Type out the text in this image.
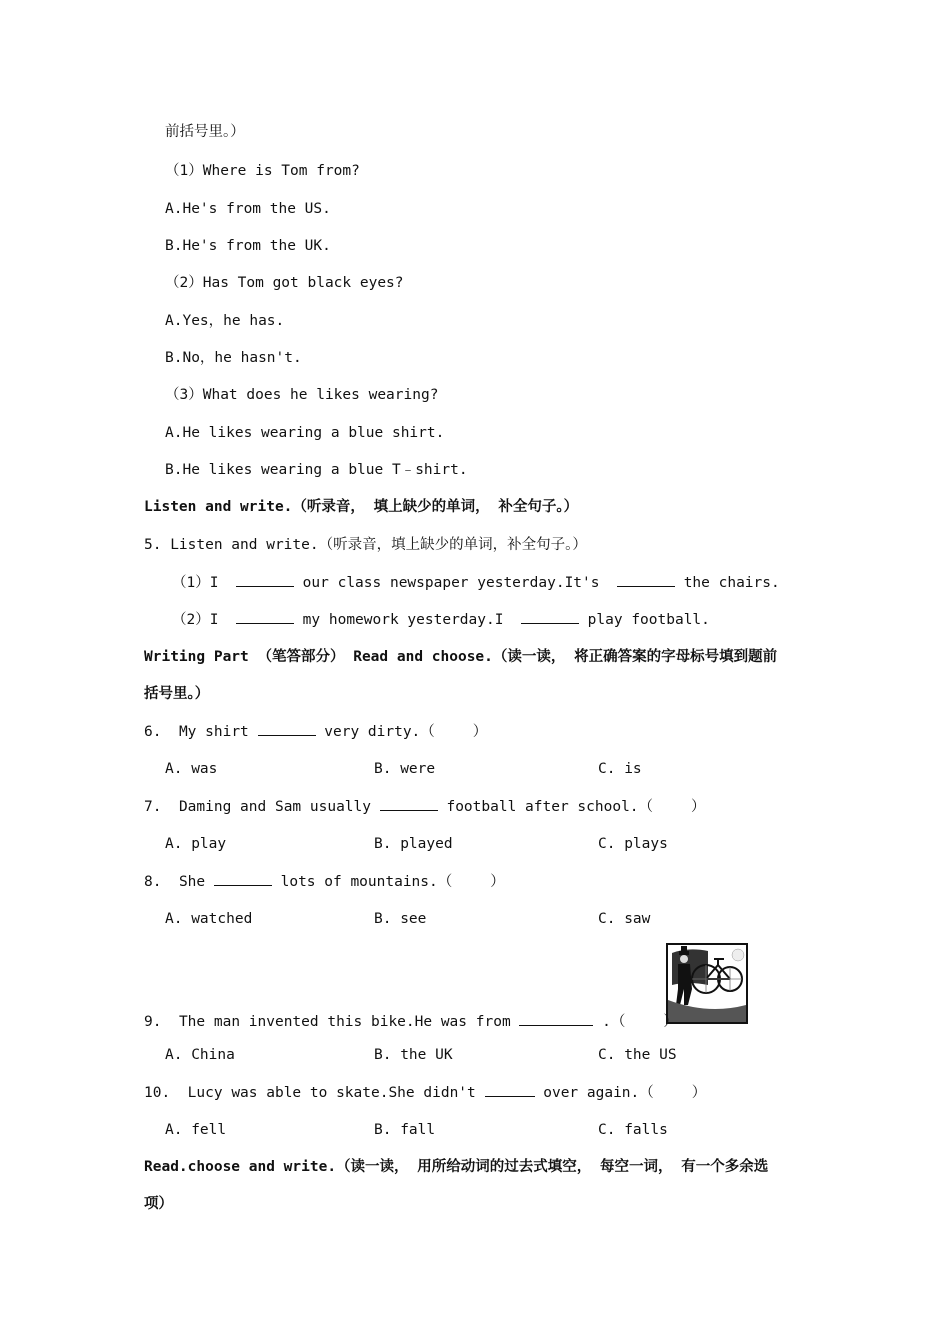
前括号里。）
（1）Where is Tom from?
A.He's from the US.
B.He's from the UK.
（2）Has Tom got black eyes?
A.Yes，he has.
B.No，he hasn't.
（3）What does he likes wearing?
A.He likes wearing a blue shirt.
B.He likes wearing a blue T﹣shirt.
Listen and write.（听录音， 填上缺少的单词， 补全句子。）
5. Listen and write.（听录音，填上缺少的单词，补全句子。）
（1）I	our class newspaper yesterday.It's	the chairs.
（2）I	my homework yesterday.I	play football.
Writing Part （笔答部分） Read and choose.（读一读， 将正确答案的字母标号填到题前
括号里。）
6. My shirt	very dirty.（	）
A. was	B. were	C. is
7. Daming and Sam usually	football after school.（	）
A. play	B. played	C. plays
8. She	lots of mountains.（	）
A. watched	B. see	C. saw
9. The man invented this bike.He was from	.（	）
A. China	B. the UK	C. the US
10. Lucy was able to skate.She didn't	over again.（	）
A. fell	B. fall	C. falls
Read.choose and write.（读一读， 用所给动词的过去式填空， 每空一词， 有一个多余选
项）
